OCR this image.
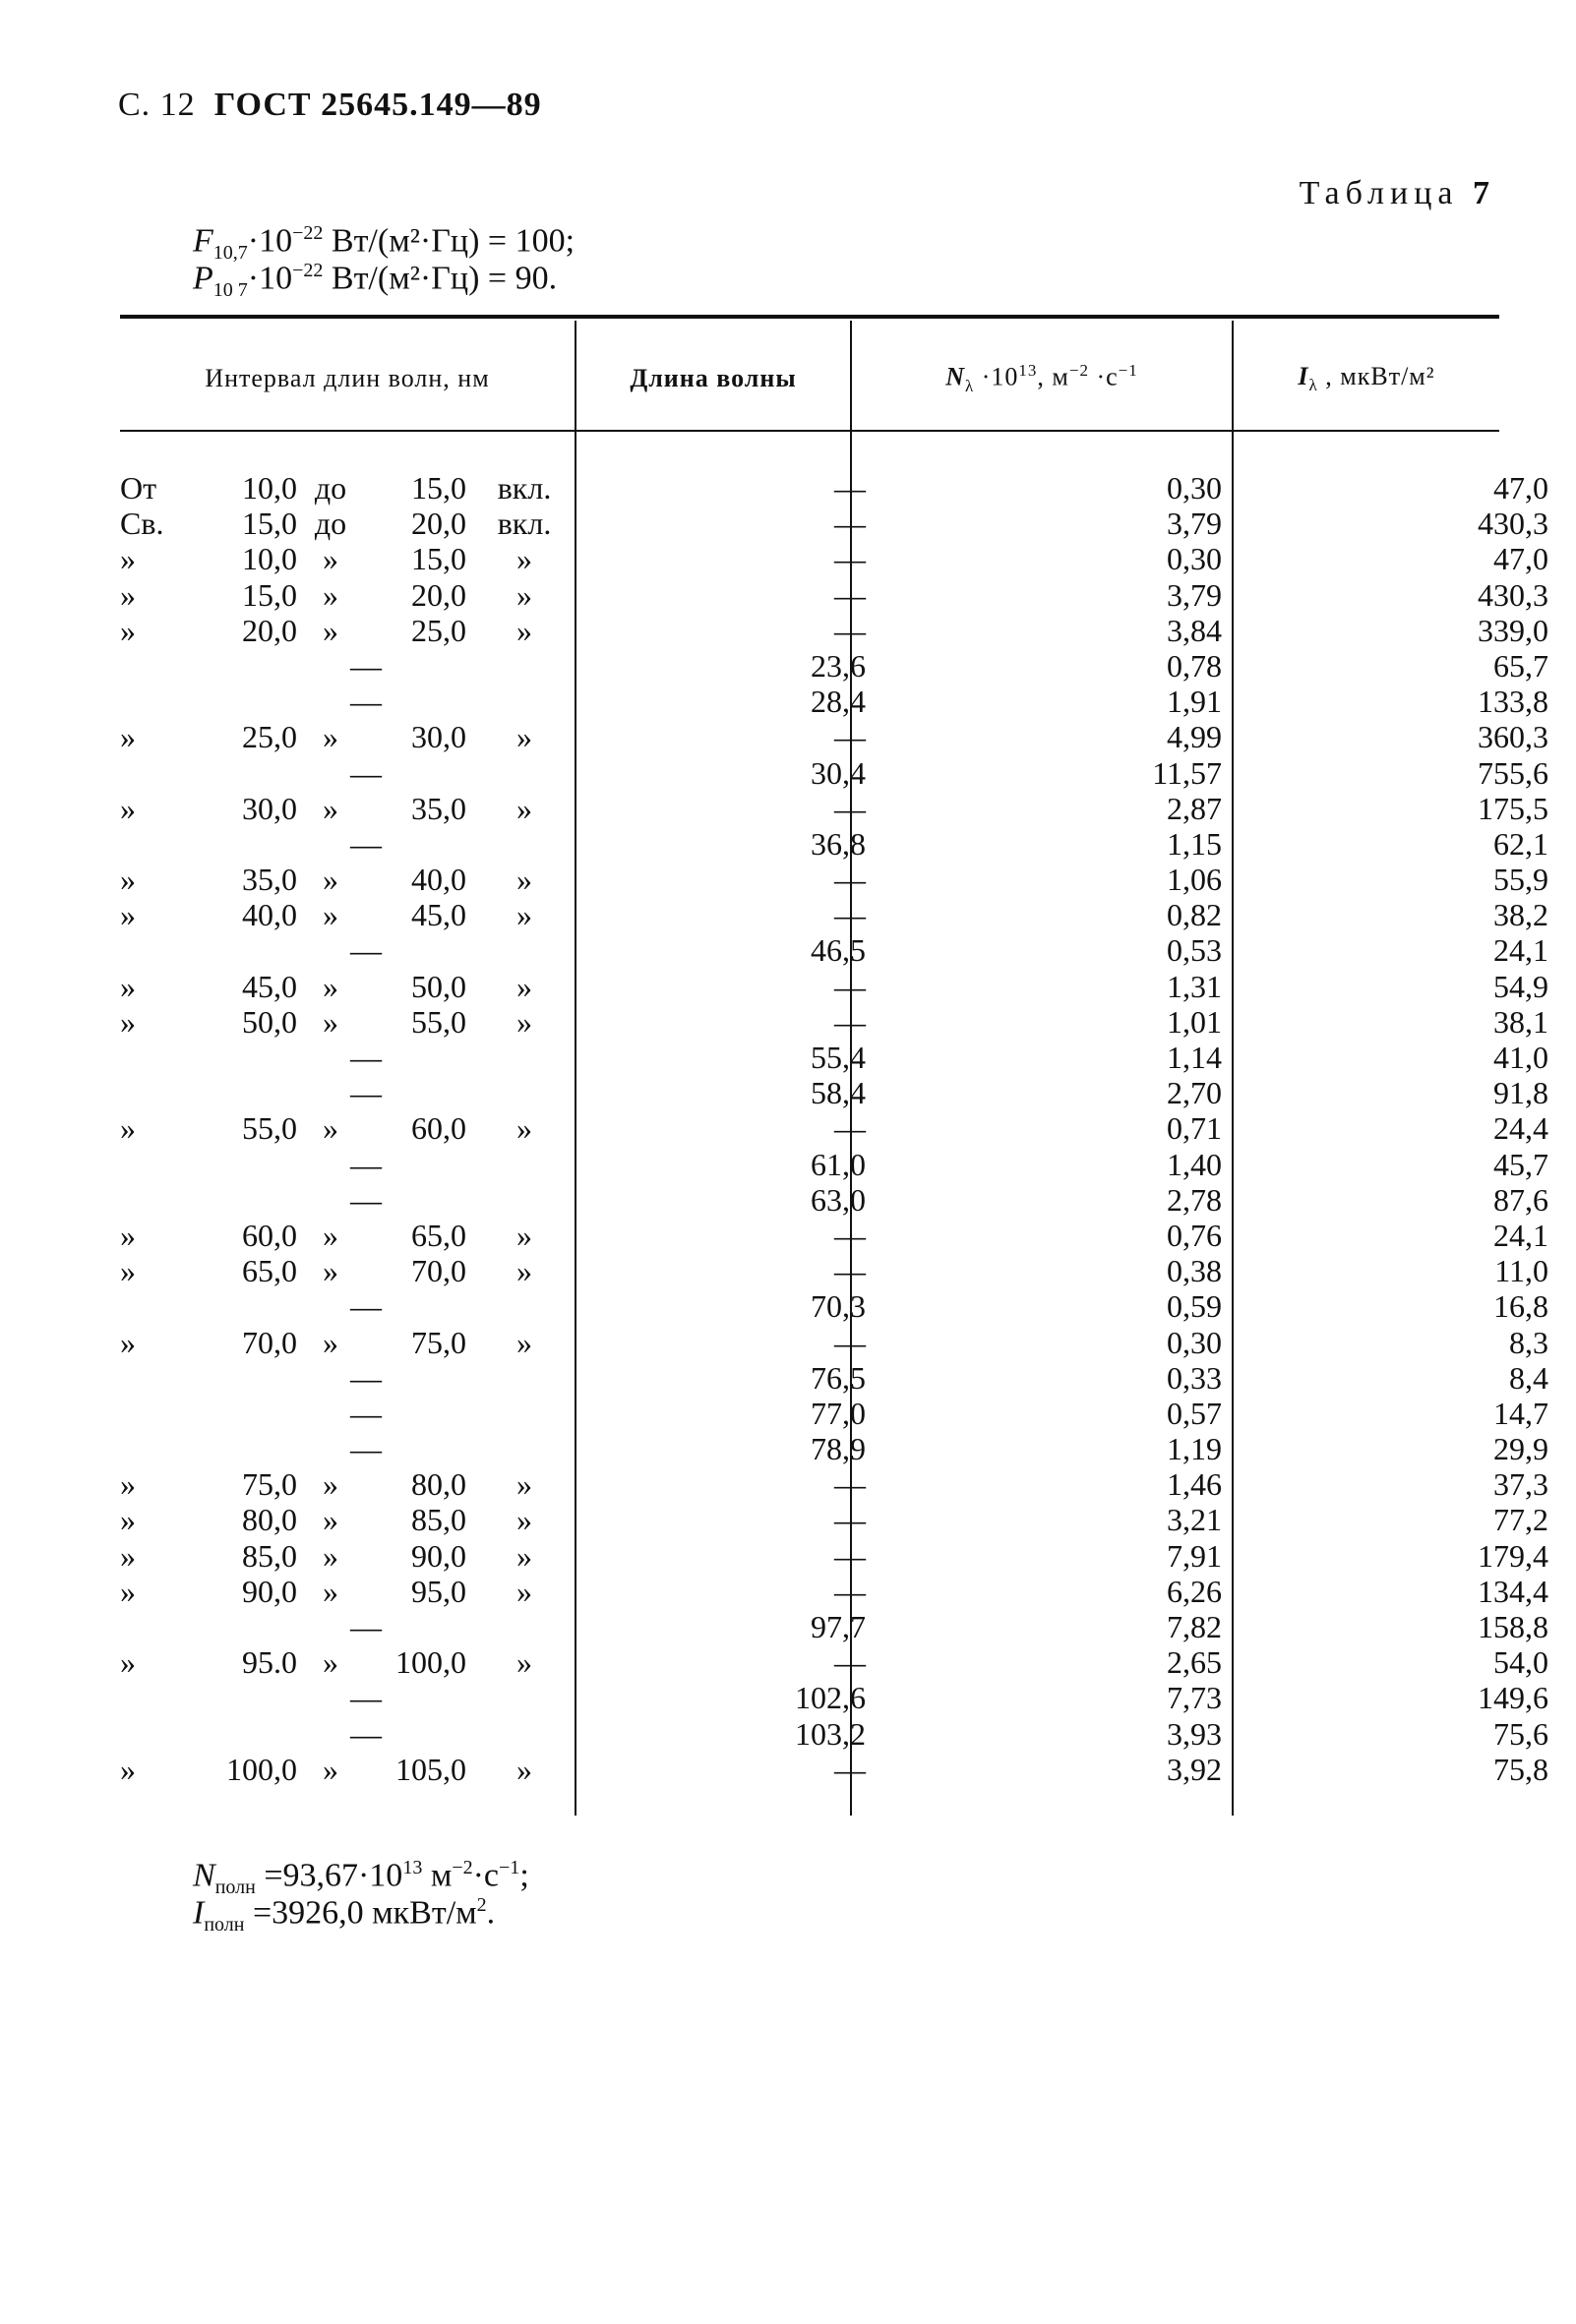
С. 12 ГОСТ 25645.149—89
Таблица 7
$F_{10,7}\cdot 10^{-22}$ Вт/(м²·Гц) = 100;
$P_{10 7}\cdot 10^{-22}$ Вт/(м²·Гц) = 90.
Интервал длин волн, нм	Длина волны	$N_\lambda \cdot 10^{13}$, $м^{-2} \cdot с^{-1}$	$I_\lambda$ , мкВт/м²
От	10,0 до	15,0 вкл.	—	0,30	47,0
Св.	15,0 до	20,0 вкл.	—	3,79	430,3
»	10,0 »	15,0	»	—	0,30	47,0
»	15,0 »	20,0	»	—	3,79	430,3
»	20,0 »	25,0	»	—	3,84	339,0
—	23,6	0,78	65,7
—	28,4	1,91	133,8
»	25,0 »	30,0	»	—	4,99	360,3
—	30,4	11,57	755,6
»	30,0 »	35,0	»	—	2,87	175,5
—	36,8	1,15	62,1
»	35,0 »	40,0	»	—	1,06	55,9
»	40,0 »	45,0	»	—	0,82	38,2
—	46,5	0,53	24,1
»	45,0 »	50,0	»	—	1,31	54,9
»	50,0 »	55,0	»	—	1,01	38,1
—	55,4	1,14	41,0
—	58,4	2,70	91,8
»	55,0 »	60,0	»	—	0,71	24,4
—	61,0	1,40	45,7
—	63,0	2,78	87,6
»	60,0 »	65,0	»	—	0,76	24,1
»	65,0 »	70,0	»	—	0,38	11,0
—	70,3	0,59	16,8
»	70,0 »	75,0	»	—	0,30	8,3
—	76,5	0,33	8,4
—	77,0	0,57	14,7
—	78,9	1,19	29,9
»	75,0 »	80,0	»	—	1,46	37,3
»	80,0 »	85,0	»	—	3,21	77,2
»	85,0 »	90,0	»	—	7,91	179,4
»	90,0 »	95,0	»	—	6,26	134,4
—	97,7	7,82	158,8
»	95.0 »	100,0	»	—	2,65	54,0
—	102,6	7,73	149,6
—	103,2	3,93	75,6
»	100,0 »	105,0	»	—	3,92	75,8
$N_{полн} =93,67\cdot 10^{13}$ $м^{-2}\cdot с^{-1}$;
$I_{полн} =3926,0$ мкВт/$м^2$.
